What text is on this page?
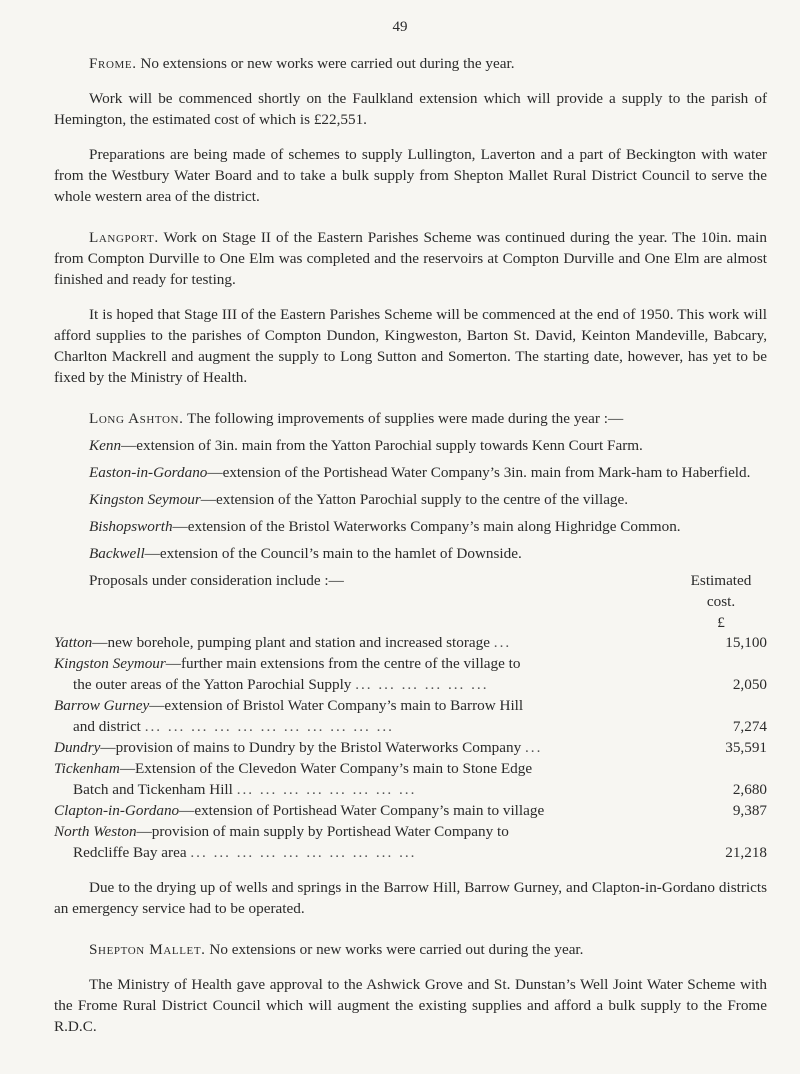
49

Frome. No extensions or new works were carried out during the year.

Work will be commenced shortly on the Faulkland extension which will provide a supply to the parish of Hemington, the estimated cost of which is £22,551.

Preparations are being made of schemes to supply Lullington, Laverton and a part of Beckington with water from the Westbury Water Board and to take a bulk supply from Shepton Mallet Rural District Council to serve the whole western area of the district.

Langport. Work on Stage II of the Eastern Parishes Scheme was continued during the year. The 10in. main from Compton Durville to One Elm was completed and the reservoirs at Compton Durville and One Elm are almost finished and ready for testing.

It is hoped that Stage III of the Eastern Parishes Scheme will be commenced at the end of 1950. This work will afford supplies to the parishes of Compton Dundon, Kingweston, Barton St. David, Keinton Mandeville, Babcary, Charlton Mackrell and augment the supply to Long Sutton and Somerton. The starting date, however, has yet to be fixed by the Ministry of Health.

Long Ashton. The following improvements of supplies were made during the year :—

Kenn—extension of 3in. main from the Yatton Parochial supply towards Kenn Court Farm.

Easton-in-Gordano—extension of the Portishead Water Company’s 3in. main from Mark-ham to Haberfield.

Kingston Seymour—extension of the Yatton Parochial supply to the centre of the village.

Bishopsworth—extension of the Bristol Waterworks Company’s main along Highridge Common.

Backwell—extension of the Council’s main to the hamlet of Downside.

Proposals under consideration include :—	Estimated
cost.
£
Yatton—new borehole, pumping plant and station and increased storage ...	15,100
Kingston Seymour—further main extensions from the centre of the village to
the outer areas of the Yatton Parochial Supply ... ... ... ... ... ...	2,050
Barrow Gurney—extension of Bristol Water Company’s main to Barrow Hill
and district ... ... ... ... ... ... ... ... ... ... ...	7,274
Dundry—provision of mains to Dundry by the Bristol Waterworks Company ...	35,591
Tickenham—Extension of the Clevedon Water Company’s main to Stone Edge
Batch and Tickenham Hill ... ... ... ... ... ... ... ...	2,680
Clapton-in-Gordano—extension of Portishead Water Company’s main to village	9,387
North Weston—provision of main supply by Portishead Water Company to
Redcliffe Bay area ... ... ... ... ... ... ... ... ... ...	21,218

Due to the drying up of wells and springs in the Barrow Hill, Barrow Gurney, and Clapton-in-Gordano districts an emergency service had to be operated.

Shepton Mallet. No extensions or new works were carried out during the year.

The Ministry of Health gave approval to the Ashwick Grove and St. Dunstan’s Well Joint Water Scheme with the Frome Rural District Council which will augment the existing supplies and afford a bulk supply to the Frome R.D.C.
